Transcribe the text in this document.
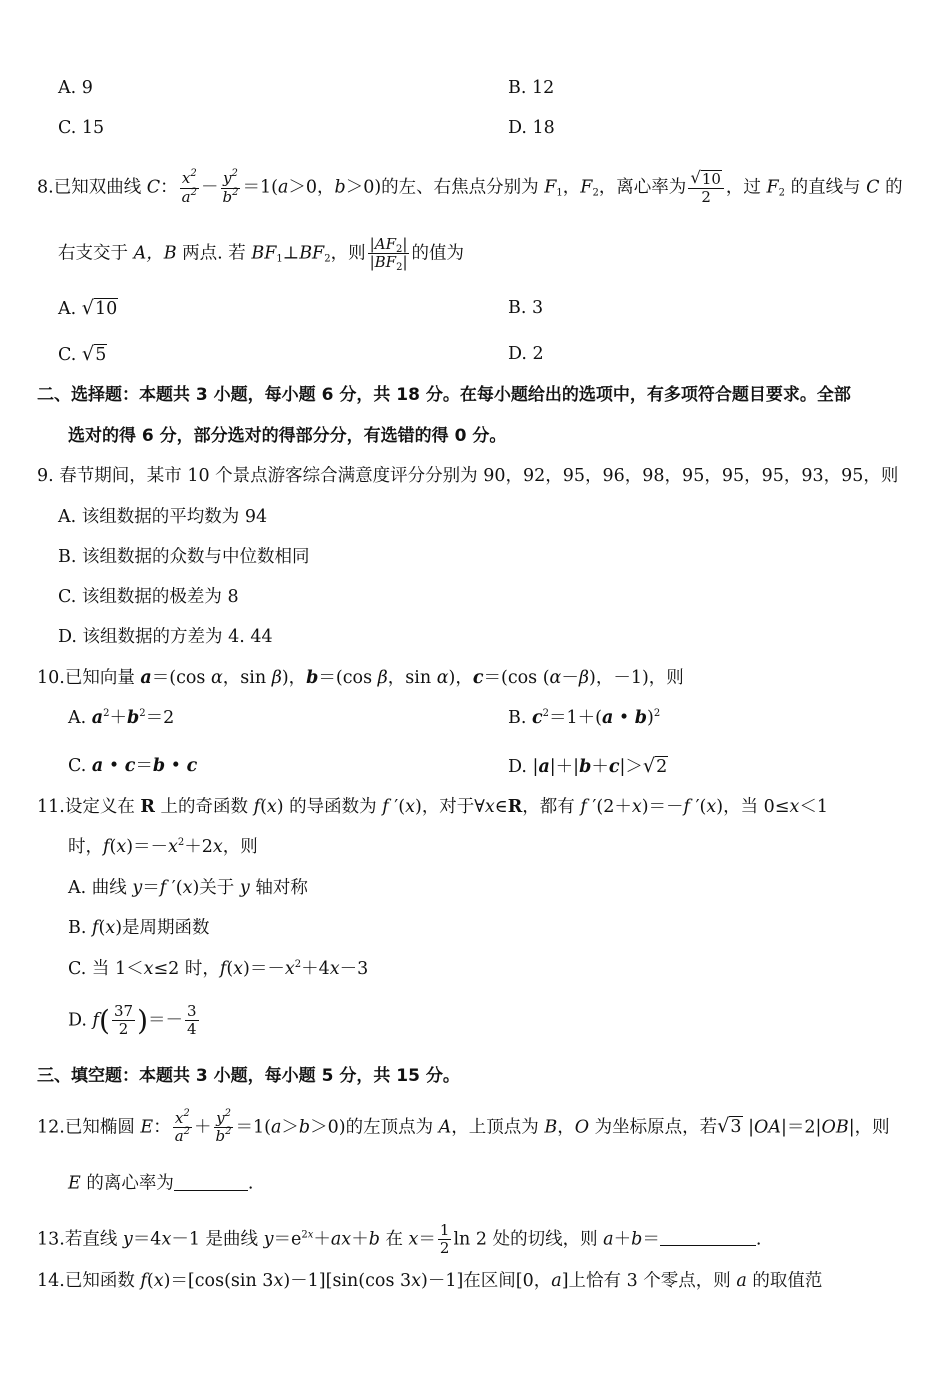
A. 9	B. 12
C. 15	D. 18
8.已知双曲线 C： $\frac{x^2}{a^2} - \frac{y^2}{b^2} =1(a>0$，b＞0)的左、右焦点分别为 $F_1$，$F_2$，离心率为 $\frac{√ 10}{2}$ ，过 $F_2$ 的直线与 C 的
右支交于 A，B 两点. 若 $BF_1\perp BF_2$，则 $\frac{|AF_2|}{|BF_2|}$ 的值为
A. √ 10	B. 3
C. √ 5	D. 2
二、选择题：本题共 3 小题，每小题 6 分，共 18 分。在每小题给出的选项中，有多项符合题目要求。全部
选对的得 6 分，部分选对的得部分分，有选错的得 0 分。
9. 春节期间，某市 10 个景点游客综合满意度评分分别为 90，92，95，96，98，95，95，95，93，95，则
A. 该组数据的平均数为 94
B. 该组数据的众数与中位数相同
C. 该组数据的极差为 8
D. 该组数据的方差为 4. 44
10.已知向量 a＝(cos α，sin β)，b＝(cos β，sin α)，c＝(cos (α－β)，－1)，则
A. $a^2+b^2=2$	B. $c^2=1+(a$ • b)$^2$
C. a • c＝b • c	D. |a|＋|b＋c|＞ √ 2
11.设定义在 R 上的奇函数 f(x) 的导函数为 f ′(x)，对于∀x∈R，都有 f ′(2＋x)＝－f ′(x)，当 0≤x＜1
时，$f(x)=-x^2+2x$，则
A. 曲线 y＝f ′(x)关于 y 轴对称
B. f(x)是周期函数
C. 当 1＜x≤2 时，$f(x)=-x^2+4x-3$
D. $f( \frac{37}{2}$ )＝－ $\frac{3}{4}$
三、填空题：本题共 3 小题，每小题 5 分，共 15 分。
12.已知椭圆 E： $\frac{x^2}{a^2} + \frac{y^2}{b^2} =1(a>b>0)$的左顶点为 A，上顶点为 B，O 为坐标原点，若 √ 3 |OA|＝2|OB|，则
E 的离心率为	.
13.若直线 y＝4x－1 是曲线 $y=e^{2x}+ax+b$ 在 $x= \frac{1}{2}$ ln 2 处的切线，则 a＋b＝	.
14.已知函数 f(x)＝[cos(sin 3x)－1][sin(cos 3x)－1]在区间[0，a]上恰有 3 个零点，则 a 的取值范
